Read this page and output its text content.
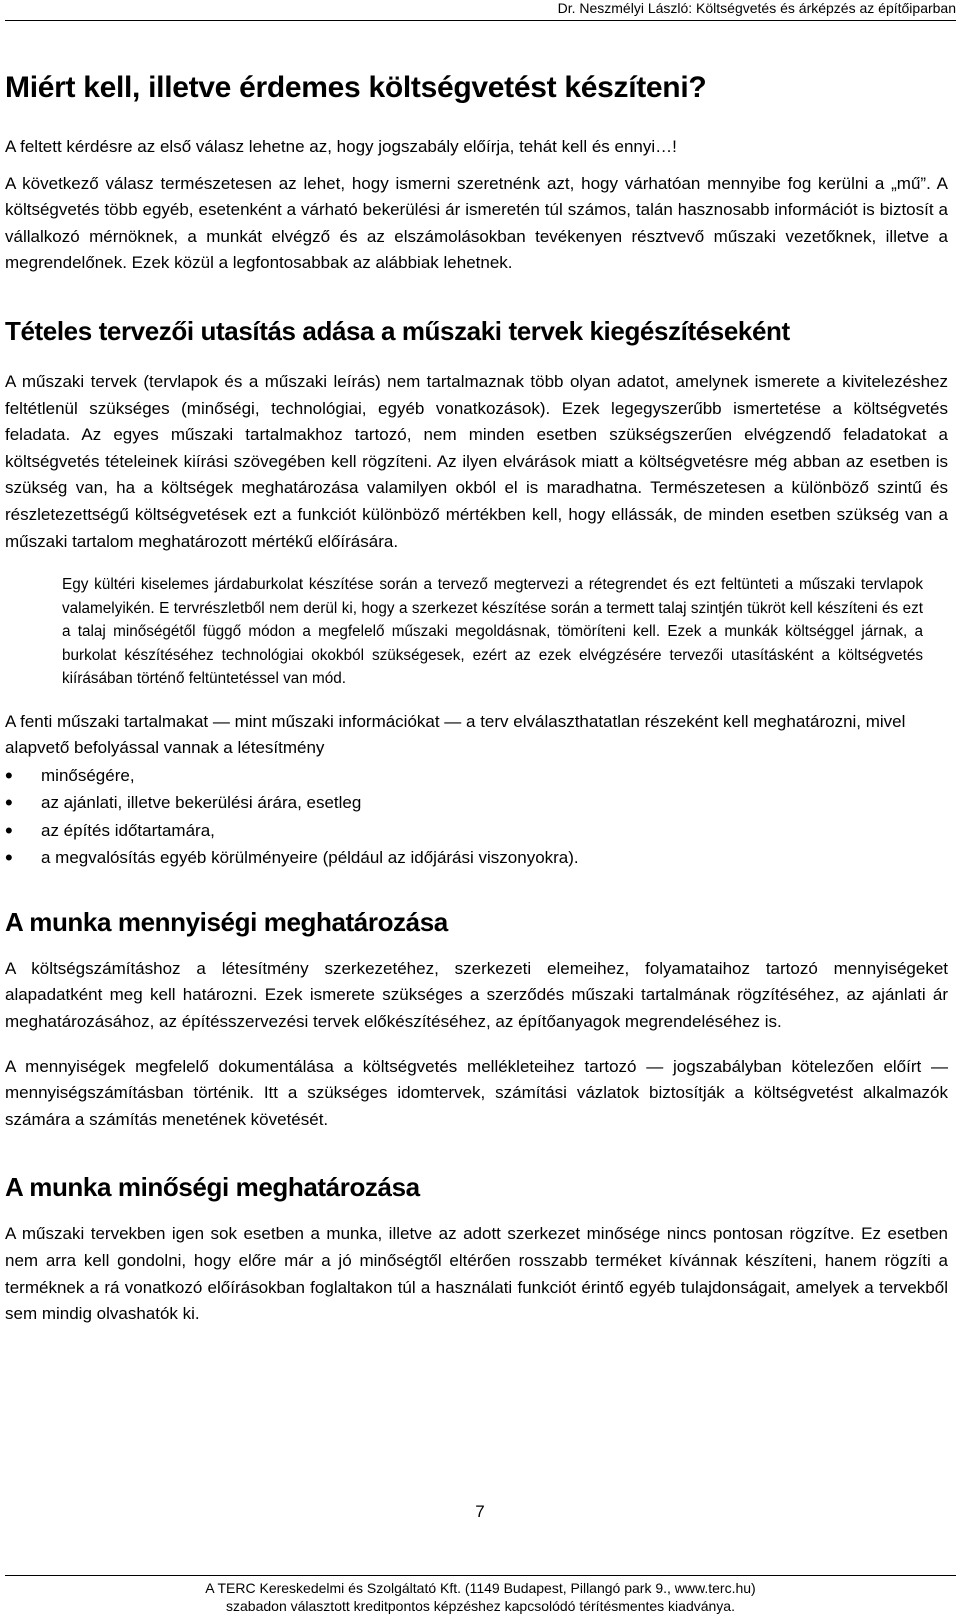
Dr. Neszmélyi László: Költségvetés és árképzés az építőiparban
Miért kell, illetve érdemes költségvetést készíteni?

A feltett kérdésre az első válasz lehetne az, hogy jogszabály előírja, tehát kell és ennyi…!

A következő válasz természetesen az lehet, hogy ismerni szeretnénk azt, hogy várhatóan mennyibe fog kerülni a „mű”. A költségvetés több egyéb, esetenként a várható bekerülési ár ismeretén túl számos, talán hasznosabb információt is biztosít a vállalkozó mérnöknek, a munkát elvégző és az elszámolásokban tevékenyen résztvevő műszaki vezetőknek, illetve a megrendelőnek. Ezek közül a legfontosabbak az alábbiak lehetnek.

Tételes tervezői utasítás adása a műszaki tervek kiegészítéseként

A műszaki tervek (tervlapok és a műszaki leírás) nem tartalmaznak több olyan adatot, amelynek ismerete a kivitelezéshez feltétlenül szükséges (minőségi, technológiai, egyéb vonatkozások). Ezek legegyszerűbb ismertetése a költségvetés feladata. Az egyes műszaki tartalmakhoz tartozó, nem minden esetben szükségszerűen elvégzendő feladatokat a költségvetés tételeinek kiírási szövegében kell rögzíteni. Az ilyen elvárások miatt a költségvetésre még abban az esetben is szükség van, ha a költségek meghatározása valamilyen okból el is maradhatna. Természetesen a különböző szintű és részletezettségű költségvetések ezt a funkciót különböző mértékben kell, hogy ellássák, de minden esetben szükség van a műszaki tartalom meghatározott mértékű előírására.

Egy kültéri kiselemes járdaburkolat készítése során a tervező megtervezi a rétegrendet és ezt feltünteti a műszaki tervlapok valamelyikén. E tervrészletből nem derül ki, hogy a szerkezet készítése során a termett talaj szintjén tükröt kell készíteni és ezt a talaj minőségétől függő módon a megfelelő műszaki megoldásnak, tömöríteni kell. Ezek a munkák költséggel járnak, a burkolat készítéséhez technológiai okokból szükségesek, ezért az ezek elvégzésére tervezői utasításként a költségvetés kiírásában történő feltüntetéssel van mód.

A fenti műszaki tartalmakat — mint műszaki információkat — a terv elválaszthatatlan részeként kell meghatározni, mivel alapvető befolyással vannak a létesítmény

• minőségére,
• az ajánlati, illetve bekerülési árára, esetleg
• az építés időtartamára,
• a megvalósítás egyéb körülményeire (például az időjárási viszonyokra).
A munka mennyiségi meghatározása

A költségszámításhoz a létesítmény szerkezetéhez, szerkezeti elemeihez, folyamataihoz tartozó mennyiségeket alapadatként meg kell határozni. Ezek ismerete szükséges a szerződés műszaki tartalmának rögzítéséhez, az ajánlati ár meghatározásához, az építésszervezési tervek előkészítéséhez, az építőanyagok megrendeléséhez is.

A mennyiségek megfelelő dokumentálása a költségvetés mellékleteihez tartozó — jogszabályban kötelezően előírt — mennyiségszámításban történik. Itt a szükséges idomtervek, számítási vázlatok biztosítják a költségvetést alkalmazók számára a számítás menetének követését.

A munka minőségi meghatározása

A műszaki tervekben igen sok esetben a munka, illetve az adott szerkezet minősége nincs pontosan rögzítve. Ez esetben nem arra kell gondolni, hogy előre már a jó minőségtől eltérően rosszabb terméket kívánnak készíteni, hanem rögzíti a terméknek a rá vonatkozó előírásokban foglaltakon túl a használati funkciót érintő egyéb tulajdonságait, amelyek a tervekből sem mindig olvashatók ki.

7
A TERC Kereskedelmi és Szolgáltató Kft. (1149 Budapest, Pillangó park 9., www.terc.hu)
szabadon választott kreditpontos képzéshez kapcsolódó térítésmentes kiadványa.
